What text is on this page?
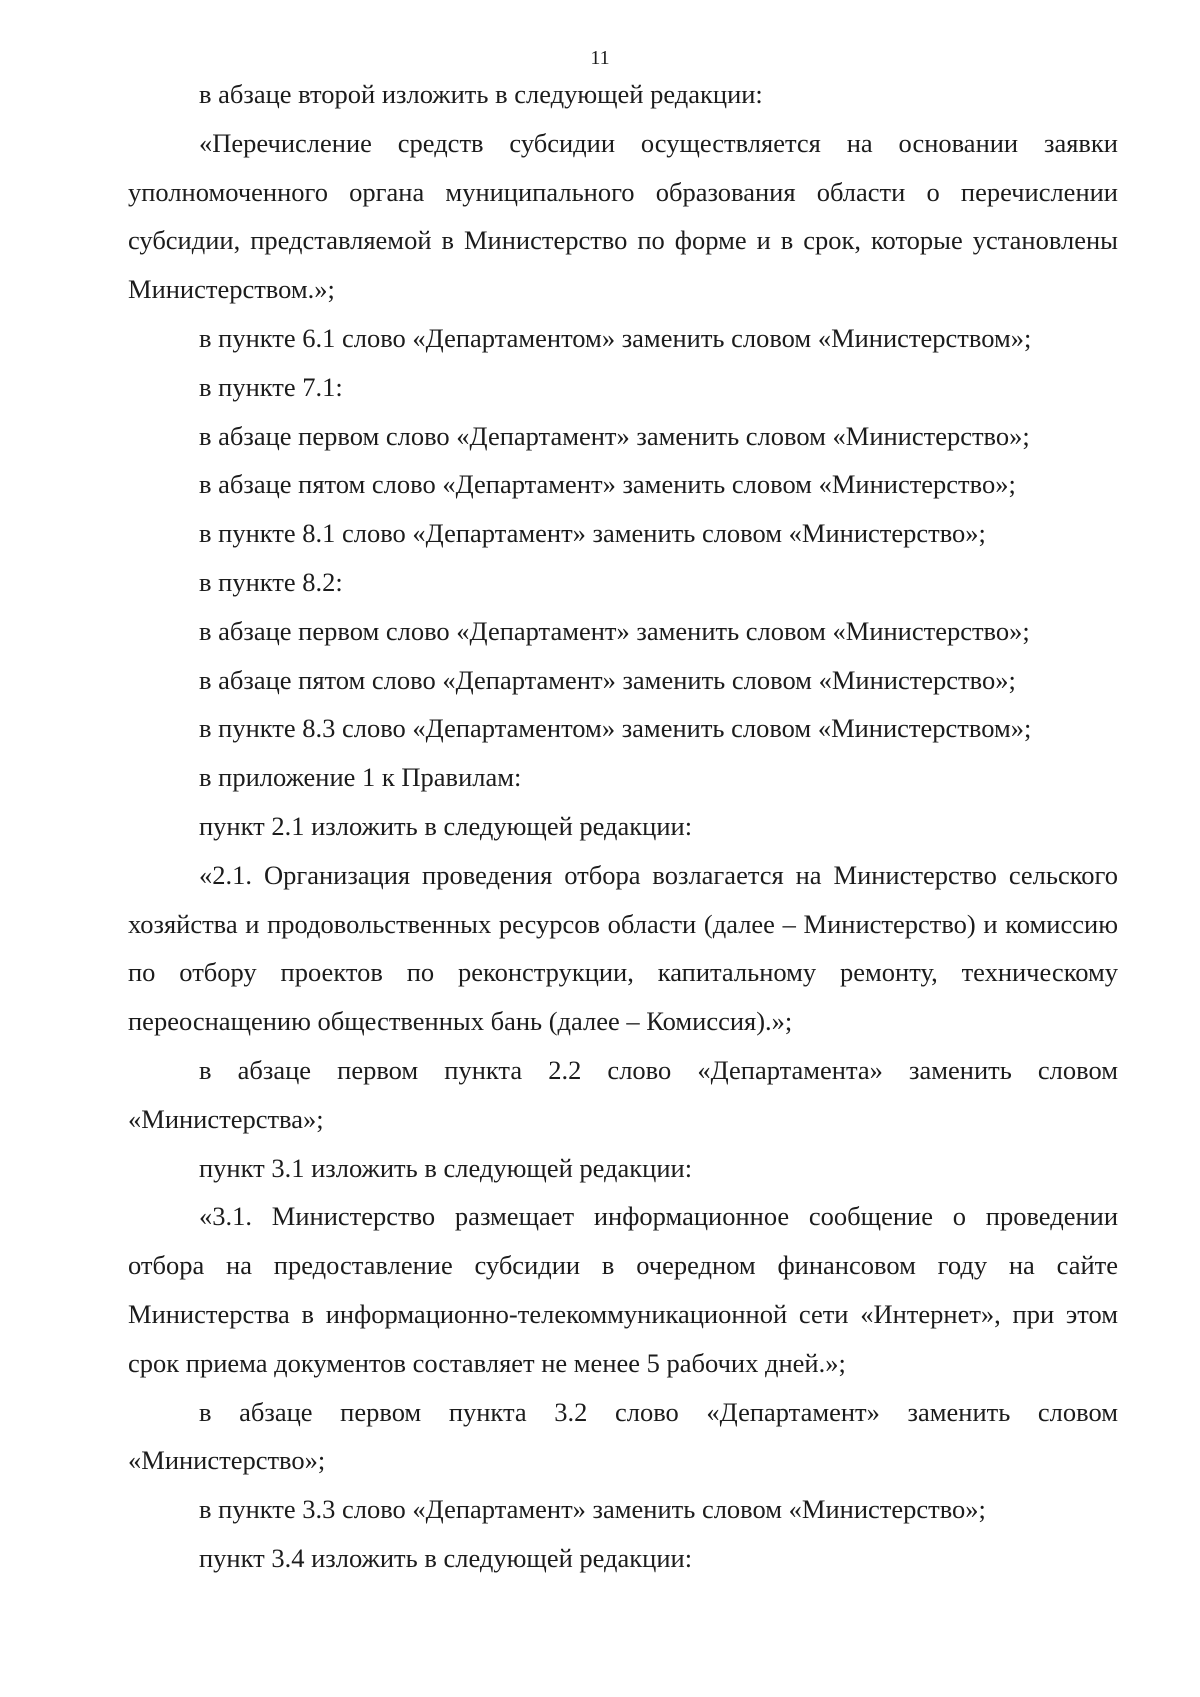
11

в абзаце второй изложить в следующей редакции:

«Перечисление средств субсидии осуществляется на основании заявки уполномоченного органа муниципального образования области о перечислении субсидии, представляемой в Министерство по форме и в срок, которые установлены Министерством.»;

в пункте 6.1 слово «Департаментом» заменить словом «Министерством»;

в пункте 7.1:

в абзаце первом слово «Департамент» заменить словом «Министерство»;

в абзаце пятом слово «Департамент» заменить словом «Министерство»;

в пункте 8.1 слово «Департамент» заменить словом «Министерство»;

в пункте 8.2:

в абзаце первом слово «Департамент» заменить словом «Министерство»;

в абзаце пятом слово «Департамент» заменить словом «Министерство»;

в пункте 8.3 слово «Департаментом» заменить словом «Министерством»;

в приложение 1 к Правилам:

пункт 2.1 изложить в следующей редакции:

«2.1. Организация проведения отбора возлагается на Министерство сельского хозяйства и продовольственных ресурсов области (далее – Министерство) и комиссию по отбору проектов по реконструкции, капитальному ремонту, техническому переоснащению общественных бань (далее – Комиссия).»;

в абзаце первом пункта 2.2 слово «Департамента» заменить словом «Министерства»;

пункт 3.1 изложить в следующей редакции:

«3.1. Министерство размещает информационное сообщение о проведении отбора на предоставление субсидии в очередном финансовом году на сайте Министерства в информационно-телекоммуникационной сети «Интернет», при этом срок приема документов составляет не менее 5 рабочих дней.»;

в абзаце первом пункта 3.2 слово «Департамент» заменить словом «Министерство»;

в пункте 3.3 слово «Департамент» заменить словом «Министерство»;

пункт 3.4 изложить в следующей редакции:
